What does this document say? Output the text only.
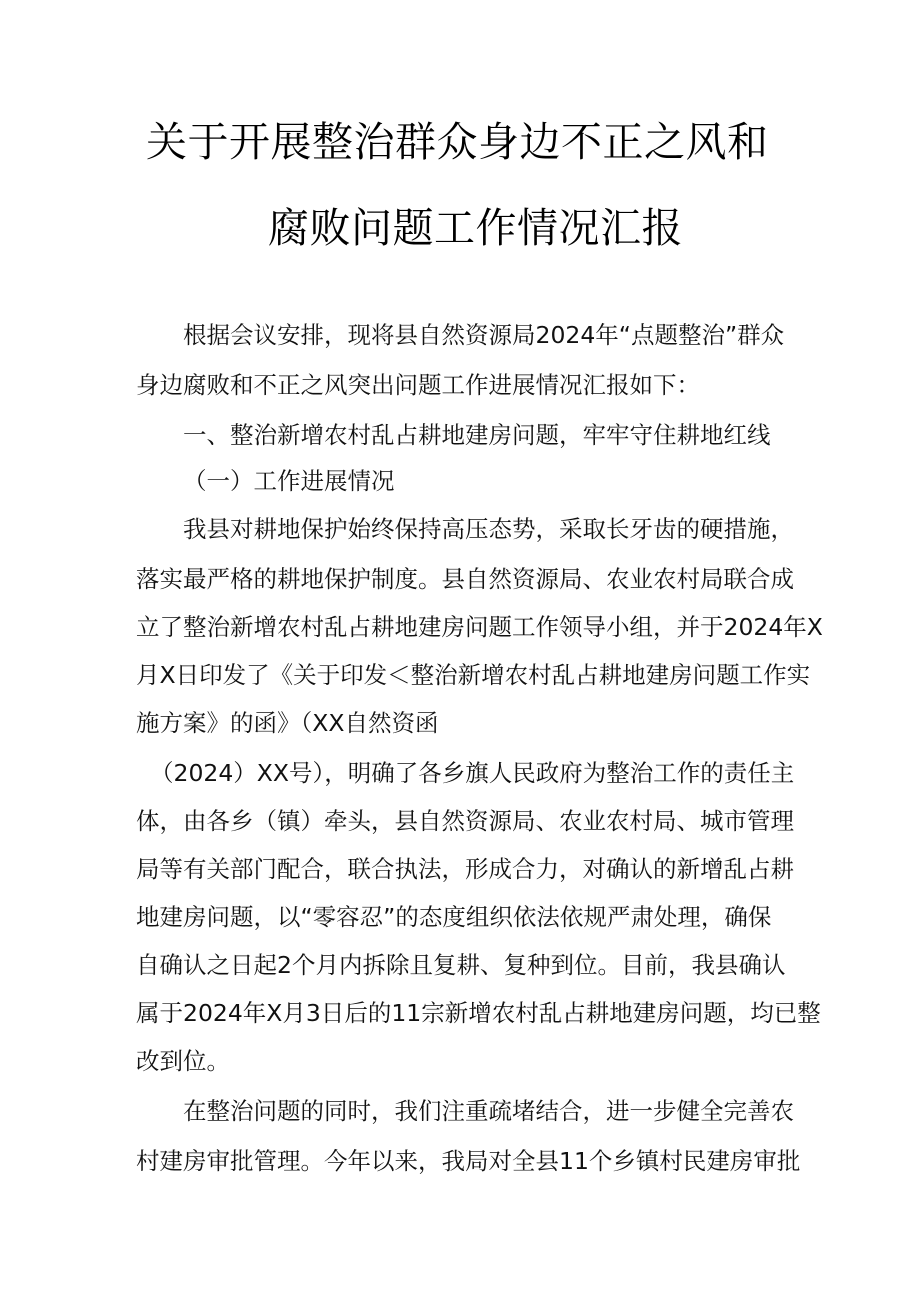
关于开展整治群众身边不正之风和
腐败问题工作情况汇报
根据会议安排，现将县自然资源局2024年“点题整治”群众
身边腐败和不正之风突出问题工作进展情况汇报如下：
一、整治新增农村乱占耕地建房问题，牢牢守住耕地红线
（一）工作进展情况
我县对耕地保护始终保持高压态势，采取长牙齿的硬措施，
落实最严格的耕地保护制度。县自然资源局、农业农村局联合成
立了整治新增农村乱占耕地建房问题工作领导小组，并于2024年X
月X日印发了《关于印发＜整治新增农村乱占耕地建房问题工作实
施方案》的函》（XX自然资函
（2024）XX号），明确了各乡旗人民政府为整治工作的责任主
体，由各乡（镇）牵头，县自然资源局、农业农村局、城市管理
局等有关部门配合，联合执法，形成合力，对确认的新增乱占耕
地建房问题，以“零容忍”的态度组织依法依规严肃处理，确保
自确认之日起2个月内拆除且复耕、复种到位。目前，我县确认
属于2024年X月3日后的11宗新增农村乱占耕地建房问题，均已整
改到位。
在整治问题的同时，我们注重疏堵结合，进一步健全完善农
村建房审批管理。今年以来，我局对全县11个乡镇村民建房审批
